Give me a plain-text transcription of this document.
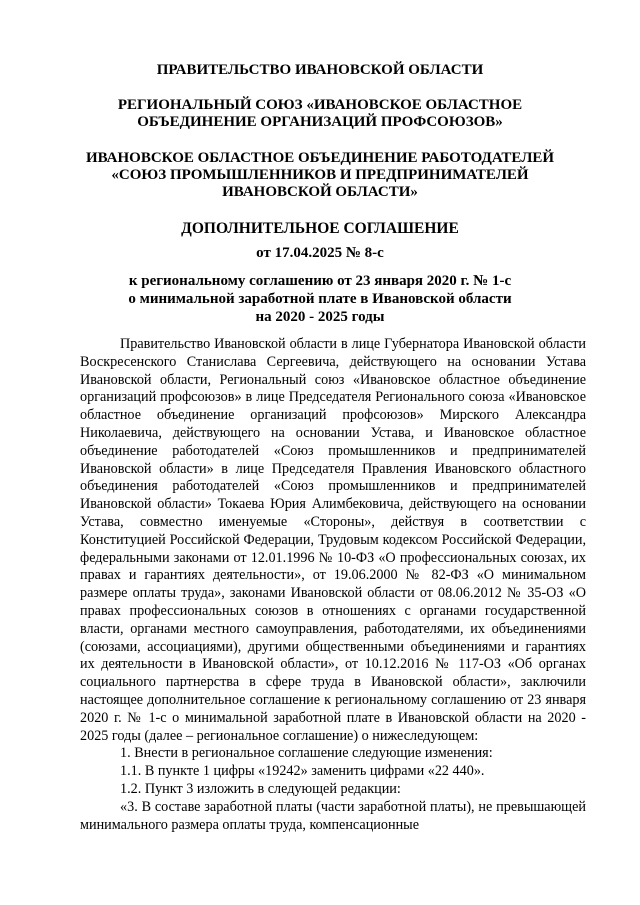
ПРАВИТЕЛЬСТВО ИВАНОВСКОЙ ОБЛАСТИ
РЕГИОНАЛЬНЫЙ СОЮЗ «ИВАНОВСКОЕ ОБЛАСТНОЕ
ОБЪЕДИНЕНИЕ ОРГАНИЗАЦИЙ ПРОФСОЮЗОВ»
ИВАНОВСКОЕ ОБЛАСТНОЕ ОБЪЕДИНЕНИЕ РАБОТОДАТЕЛЕЙ
«СОЮЗ ПРОМЫШЛЕННИКОВ И ПРЕДПРИНИМАТЕЛЕЙ
ИВАНОВСКОЙ ОБЛАСТИ»
ДОПОЛНИТЕЛЬНОЕ СОГЛАШЕНИЕ
от 17.04.2025 № 8-с
к региональному соглашению от 23 января 2020 г. № 1-с
о минимальной заработной плате в Ивановской области
на 2020 - 2025 годы

Правительство Ивановской области в лице Губернатора Ивановской области Воскресенского Станислава Сергеевича, действующего на основании Устава Ивановской области, Региональный союз «Ивановское областное объединение организаций профсоюзов» в лице Председателя Регионального союза «Ивановское областное объединение организаций профсоюзов» Мирского Александра Николаевича, действующего на основании Устава, и Ивановское областное объединение работодателей «Союз промышленников и предпринимателей Ивановской области» в лице Председателя Правления Ивановского областного объединения работодателей «Союз промышленников и предпринимателей Ивановской области» Токаева Юрия Алимбековича, действующего на основании Устава, совместно именуемые «Стороны», действуя в соответствии с Конституцией Российской Федерации, Трудовым кодексом Российской Федерации, федеральными законами от 12.01.1996 № 10-ФЗ «О профессиональных союзах, их правах и гарантиях деятельности», от 19.06.2000 № 82-ФЗ «О минимальном размере оплаты труда», законами Ивановской области от 08.06.2012 № 35-ОЗ «О правах профессиональных союзов в отношениях с органами государственной власти, органами местного самоуправления, работодателями, их объединениями (союзами, ассоциациями), другими общественными объединениями и гарантиях их деятельности в Ивановской области», от 10.12.2016 № 117-ОЗ «Об органах социального партнерства в сфере труда в Ивановской области», заключили настоящее дополнительное соглашение к региональному соглашению от 23 января 2020 г. № 1-с о минимальной заработной плате в Ивановской области на 2020 - 2025 годы (далее – региональное соглашение) о нижеследующем:

1. Внести в региональное соглашение следующие изменения:

1.1. В пункте 1 цифры «19242» заменить цифрами «22 440».

1.2. Пункт 3 изложить в следующей редакции:

«3. В составе заработной платы (части заработной платы), не превышающей минимального размера оплаты труда, компенсационные
